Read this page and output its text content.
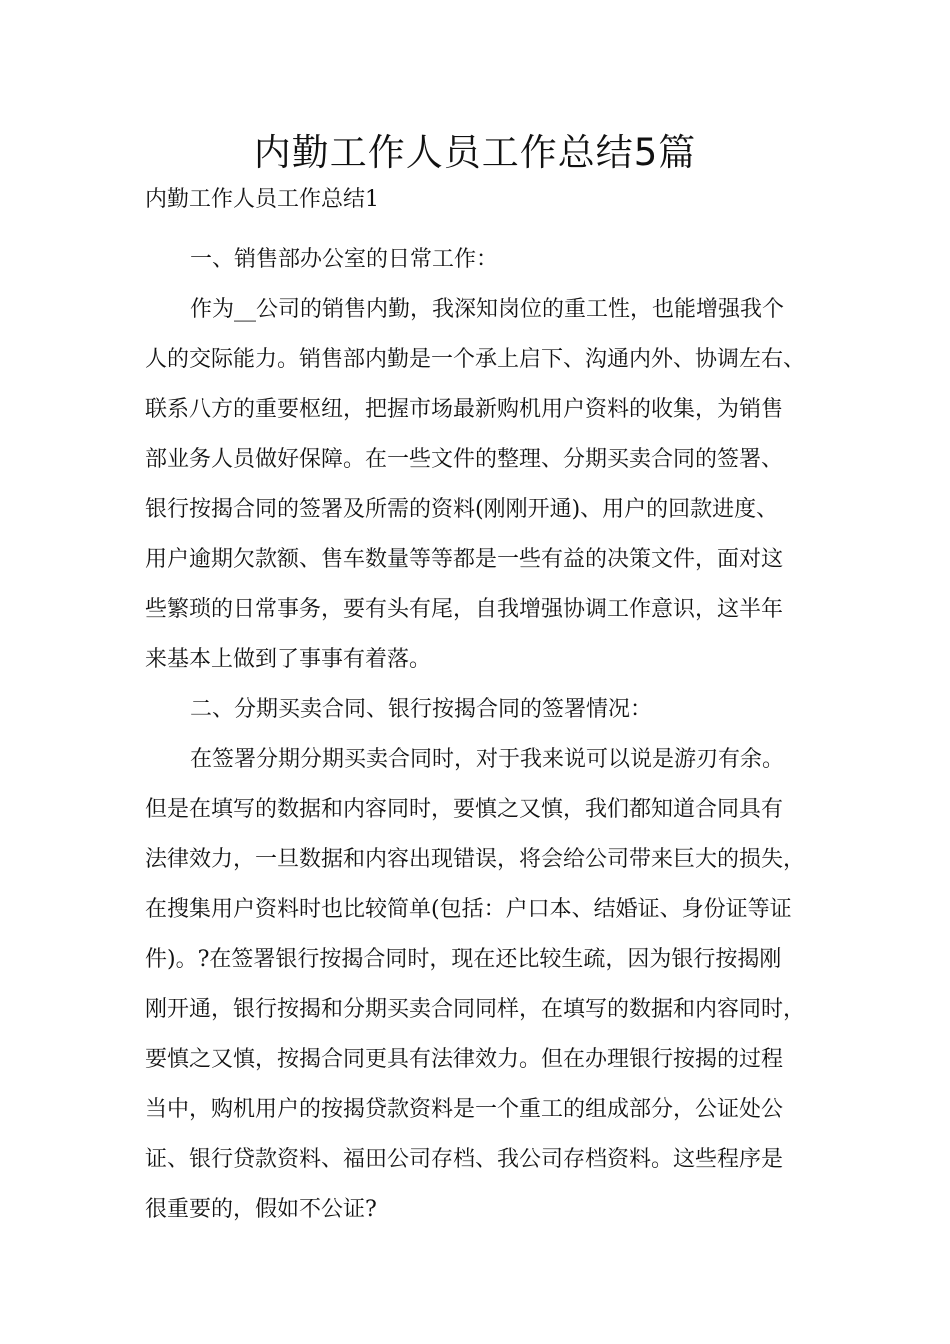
内勤工作人员工作总结5篇

内勤工作人员工作总结1

一、销售部办公室的日常工作：

作为__公司的销售内勤，我深知岗位的重工性，也能增强我个
人的交际能力。销售部内勤是一个承上启下、沟通内外、协调左右、
联系八方的重要枢纽，把握市场最新购机用户资料的收集，为销售
部业务人员做好保障。在一些文件的整理、分期买卖合同的签署、
银行按揭合同的签署及所需的资料(刚刚开通)、用户的回款进度、
用户逾期欠款额、售车数量等等都是一些有益的决策文件，面对这
些繁琐的日常事务，要有头有尾，自我增强协调工作意识，这半年
来基本上做到了事事有着落。

二、分期买卖合同、银行按揭合同的签署情况：

在签署分期分期买卖合同时，对于我来说可以说是游刃有余。
但是在填写的数据和内容同时，要慎之又慎，我们都知道合同具有
法律效力，一旦数据和内容出现错误，将会给公司带来巨大的损失，
在搜集用户资料时也比较简单(包括：户口本、结婚证、身份证等证
件)。?在签署银行按揭合同时，现在还比较生疏，因为银行按揭刚
刚开通，银行按揭和分期买卖合同同样，在填写的数据和内容同时，
要慎之又慎，按揭合同更具有法律效力。但在办理银行按揭的过程
当中，购机用户的按揭贷款资料是一个重工的组成部分，公证处公
证、银行贷款资料、福田公司存档、我公司存档资料。这些程序是
很重要的，假如不公证?
